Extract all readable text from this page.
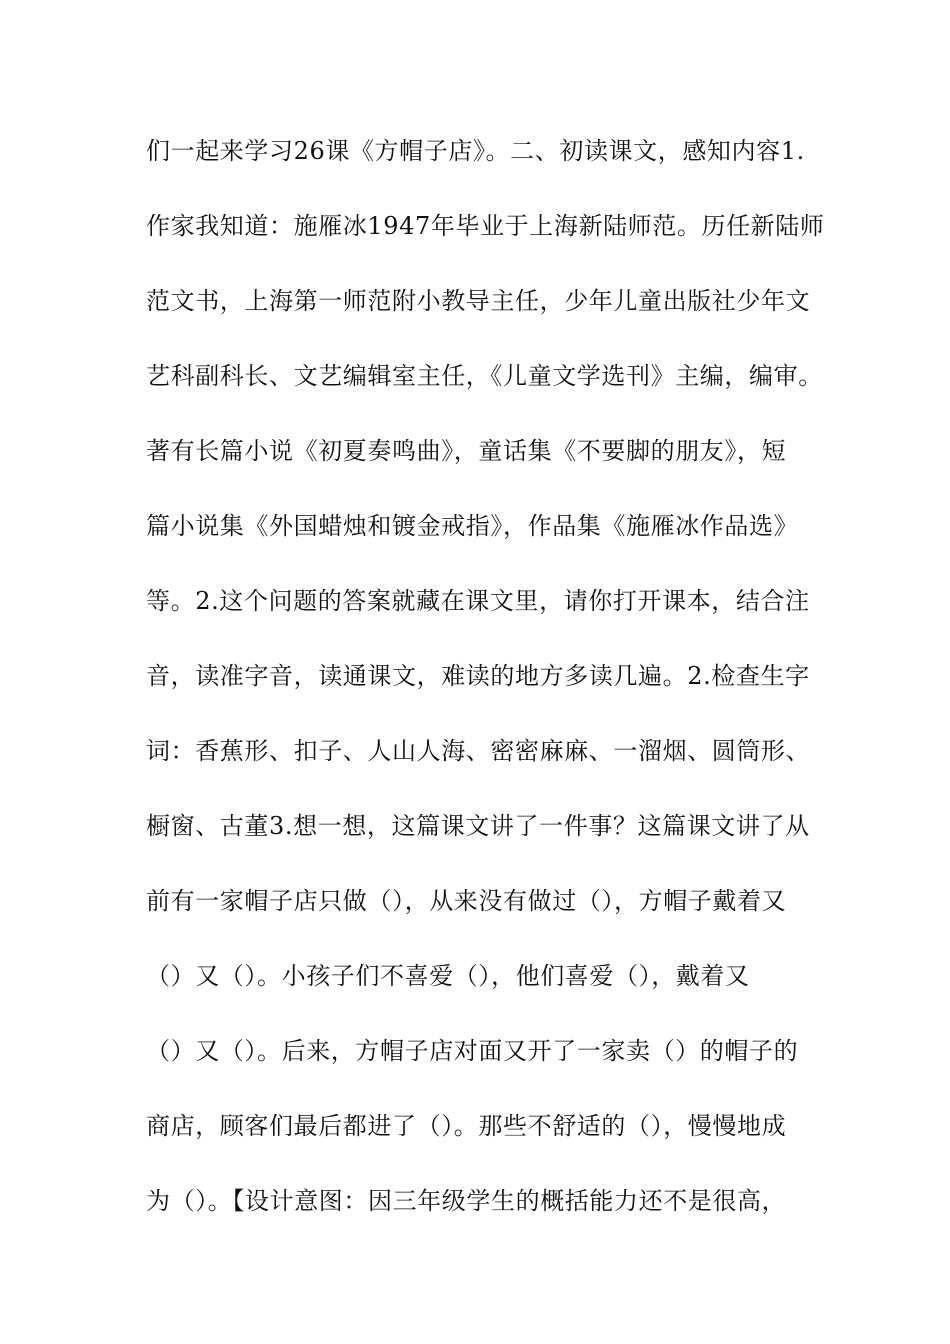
们一起来学习26课《方帽子店》。二、初读课文，感知内容1.
作家我知道：施雁冰1947年毕业于上海新陆师范。历任新陆师
范文书，上海第一师范附小教导主任，少年儿童出版社少年文
艺科副科长、文艺编辑室主任，《儿童文学选刊》主编，编审。
著有长篇小说《初夏奏鸣曲》，童话集《不要脚的朋友》，短
篇小说集《外国蜡烛和镀金戒指》，作品集《施雁冰作品选》
等。2.这个问题的答案就藏在课文里，请你打开课本，结合注
音，读准字音，读通课文，难读的地方多读几遍。2.检查生字
词：香蕉形、扣子、人山人海、密密麻麻、一溜烟、圆筒形、
橱窗、古董3.想一想，这篇课文讲了一件事？这篇课文讲了从
前有一家帽子店只做（），从来没有做过（），方帽子戴着又
（）又（）。小孩子们不喜爱（），他们喜爱（），戴着又
（）又（）。后来，方帽子店对面又开了一家卖（）的帽子的
商店，顾客们最后都进了（）。那些不舒适的（），慢慢地成
为（）。【设计意图：因三年级学生的概括能力还不是很高，
